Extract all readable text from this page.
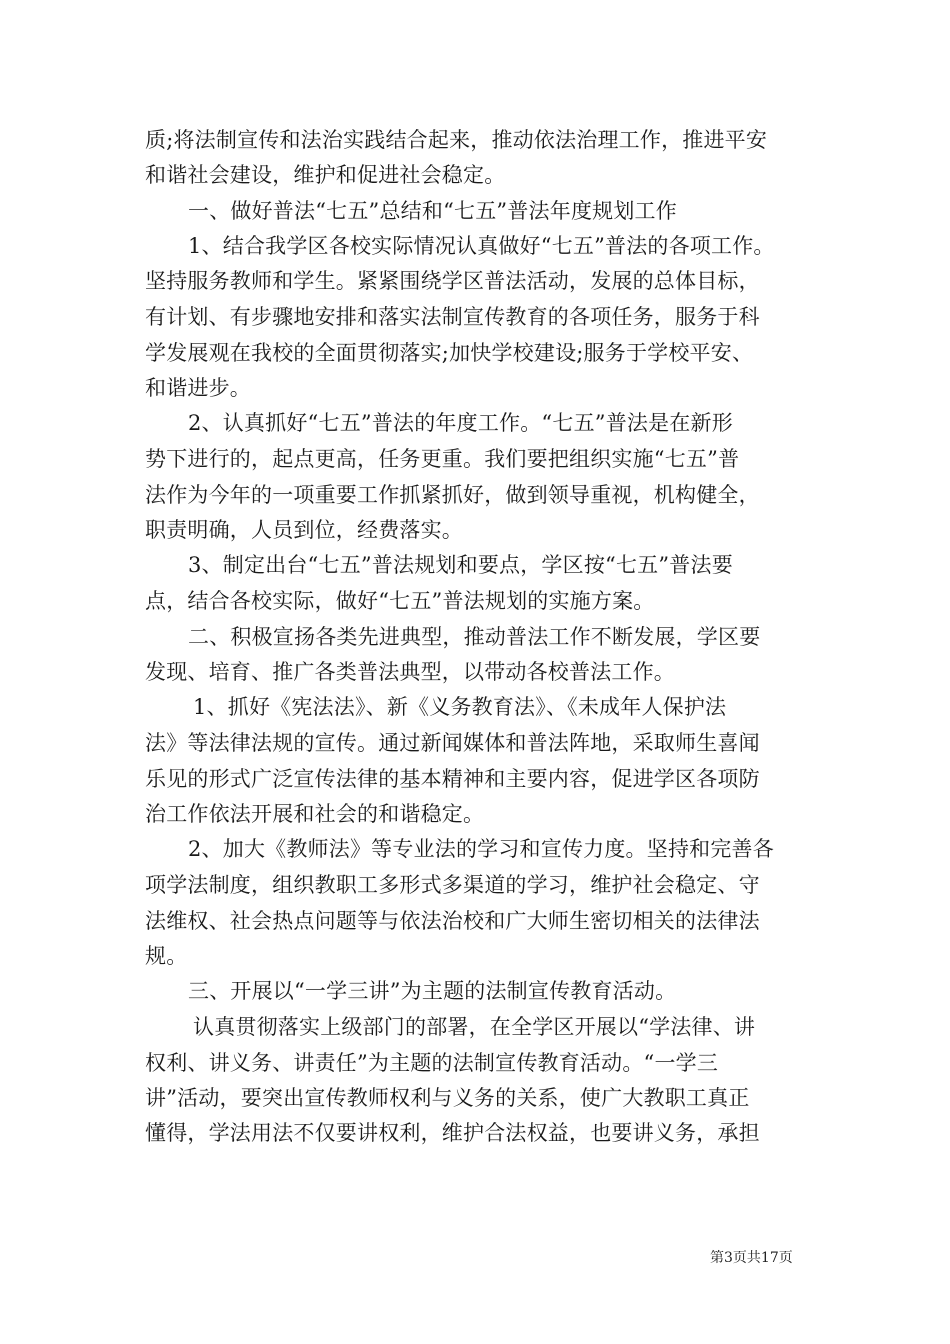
质;将法制宣传和法治实践结合起来，推动依法治理工作，推进平安
和谐社会建设，维护和促进社会稳定。
一、做好普法“七五”总结和“七五”普法年度规划工作
1、结合我学区各校实际情况认真做好“七五”普法的各项工作。
坚持服务教师和学生。紧紧围绕学区普法活动，发展的总体目标，
有计划、有步骤地安排和落实法制宣传教育的各项任务，服务于科
学发展观在我校的全面贯彻落实;加快学校建设;服务于学校平安、
和谐进步。
2、认真抓好“七五”普法的年度工作。“七五”普法是在新形
势下进行的，起点更高，任务更重。我们要把组织实施“七五”普
法作为今年的一项重要工作抓紧抓好，做到领导重视，机构健全，
职责明确，人员到位，经费落实。
3、制定出台“七五”普法规划和要点，学区按“七五”普法要
点，结合各校实际，做好“七五”普法规划的实施方案。
二、积极宣扬各类先进典型，推动普法工作不断发展，学区要
发现、培育、推广各类普法典型，以带动各校普法工作。
1、抓好《宪法法》、新《义务教育法》、《未成年人保护法
法》等法律法规的宣传。通过新闻媒体和普法阵地，采取师生喜闻
乐见的形式广泛宣传法律的基本精神和主要内容，促进学区各项防
治工作依法开展和社会的和谐稳定。
2、加大《教师法》等专业法的学习和宣传力度。坚持和完善各
项学法制度，组织教职工多形式多渠道的学习，维护社会稳定、守
法维权、社会热点问题等与依法治校和广大师生密切相关的法律法
规。
三、开展以“一学三讲”为主题的法制宣传教育活动。
认真贯彻落实上级部门的部署，在全学区开展以“学法律、讲
权利、讲义务、讲责任”为主题的法制宣传教育活动。“一学三
讲”活动，要突出宣传教师权利与义务的关系，使广大教职工真正
懂得，学法用法不仅要讲权利，维护合法权益，也要讲义务，承担
第3页共17页
